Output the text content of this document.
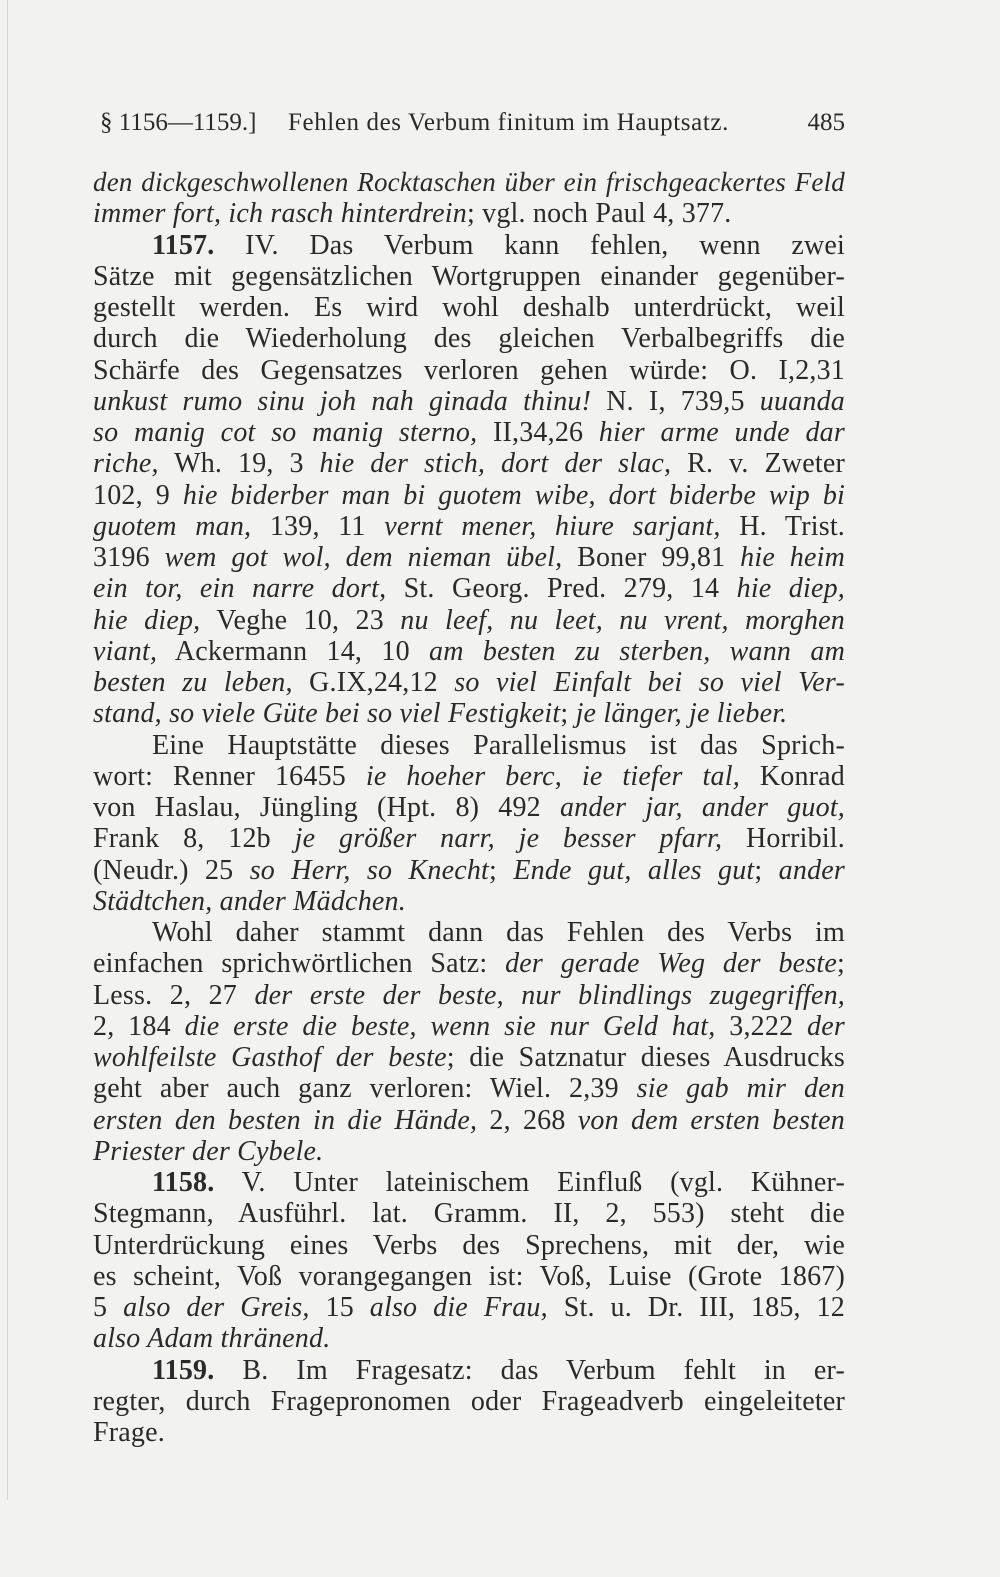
§ 1156—1159.] Fehlen des Verbum finitum im Hauptsatz.	485
den dickgeschwollenen Rocktaschen über ein frischgeackertes Feld
immer fort, ich rasch hinterdrein; vgl. noch Paul 4, 377.
1157. IV. Das Verbum kann fehlen, wenn zwei
Sätze mit gegensätzlichen Wortgruppen einander gegenüber-
gestellt werden. Es wird wohl deshalb unterdrückt, weil
durch die Wiederholung des gleichen Verbalbegriffs die
Schärfe des Gegensatzes verloren gehen würde: O. I,2,31
unkust rumo sinu joh nah ginada thinu! N. I, 739,5 uuanda
so manig cot so manig sterno, II,34,26 hier arme unde dar
riche, Wh. 19, 3 hie der stich, dort der slac, R. v. Zweter
102, 9 hie biderber man bi guotem wibe, dort biderbe wip bi
guotem man, 139, 11 vernt mener, hiure sarjant, H. Trist.
3196 wem got wol, dem nieman übel, Boner 99,81 hie heim
ein tor, ein narre dort, St. Georg. Pred. 279, 14 hie diep,
hie diep, Veghe 10, 23 nu leef, nu leet, nu vrent, morghen
viant, Ackermann 14, 10 am besten zu sterben, wann am
besten zu leben, G.IX,24,12 so viel Einfalt bei so viel Ver-
stand, so viele Güte bei so viel Festigkeit; je länger, je lieber.
Eine Hauptstätte dieses Parallelismus ist das Sprich-
wort: Renner 16455 ie hoeher berc, ie tiefer tal, Konrad
von Haslau, Jüngling (Hpt. 8) 492 ander jar, ander guot,
Frank 8, 12b je größer narr, je besser pfarr, Horribil.
(Neudr.) 25 so Herr, so Knecht; Ende gut, alles gut; ander
Städtchen, ander Mädchen.
Wohl daher stammt dann das Fehlen des Verbs im
einfachen sprichwörtlichen Satz: der gerade Weg der beste;
Less. 2, 27 der erste der beste, nur blindlings zugegriffen,
2, 184 die erste die beste, wenn sie nur Geld hat, 3,222 der
wohlfeilste Gasthof der beste; die Satznatur dieses Ausdrucks
geht aber auch ganz verloren: Wiel. 2,39 sie gab mir den
ersten den besten in die Hände, 2, 268 von dem ersten besten
Priester der Cybele.
1158. V. Unter lateinischem Einfluß (vgl. Kühner-
Stegmann, Ausführl. lat. Gramm. II, 2, 553) steht die
Unterdrückung eines Verbs des Sprechens, mit der, wie
es scheint, Voß vorangegangen ist: Voß, Luise (Grote 1867)
5 also der Greis, 15 also die Frau, St. u. Dr. III, 185, 12
also Adam thränend.
1159. B. Im Fragesatz: das Verbum fehlt in er-
regter, durch Fragepronomen oder Frageadverb eingeleiteter
Frage.
